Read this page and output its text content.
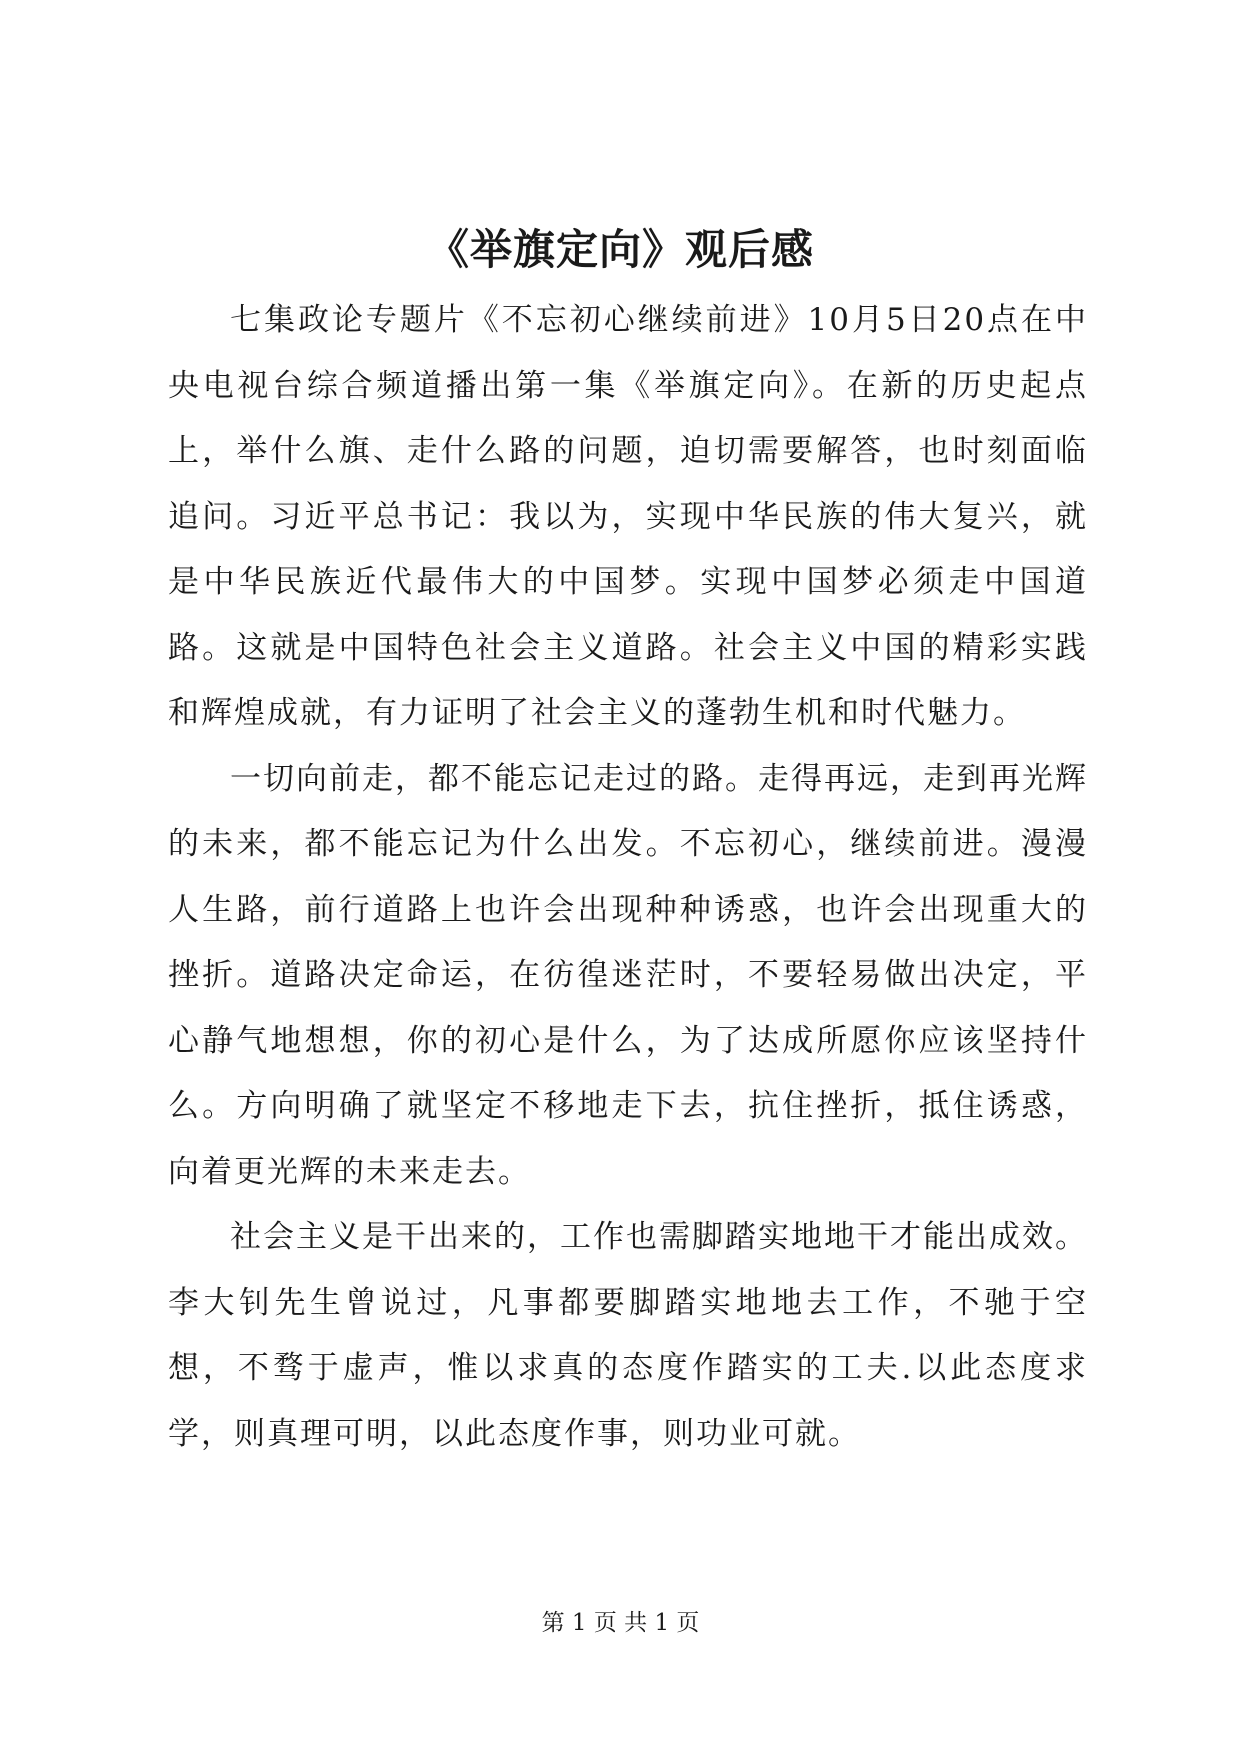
《举旗定向》观后感

七集政论专题片《不忘初心继续前进》10月5日20点在中央电视台综合频道播出第一集《举旗定向》。在新的历史起点上，举什么旗、走什么路的问题，迫切需要解答，也时刻面临追问。习近平总书记：我以为，实现中华民族的伟大复兴，就是中华民族近代最伟大的中国梦。实现中国梦必须走中国道路。这就是中国特色社会主义道路。社会主义中国的精彩实践和辉煌成就，有力证明了社会主义的蓬勃生机和时代魅力。

一切向前走，都不能忘记走过的路。走得再远，走到再光辉的未来，都不能忘记为什么出发。不忘初心，继续前进。漫漫人生路，前行道路上也许会出现种种诱惑，也许会出现重大的挫折。道路决定命运，在彷徨迷茫时，不要轻易做出决定，平心静气地想想，你的初心是什么，为了达成所愿你应该坚持什么。方向明确了就坚定不移地走下去，抗住挫折，抵住诱惑，向着更光辉的未来走去。

社会主义是干出来的，工作也需脚踏实地地干才能出成效。李大钊先生曾说过，凡事都要脚踏实地地去工作，不驰于空想，不骛于虚声，惟以求真的态度作踏实的工夫.以此态度求学，则真理可明，以此态度作事，则功业可就。

第 1 页 共 1 页
